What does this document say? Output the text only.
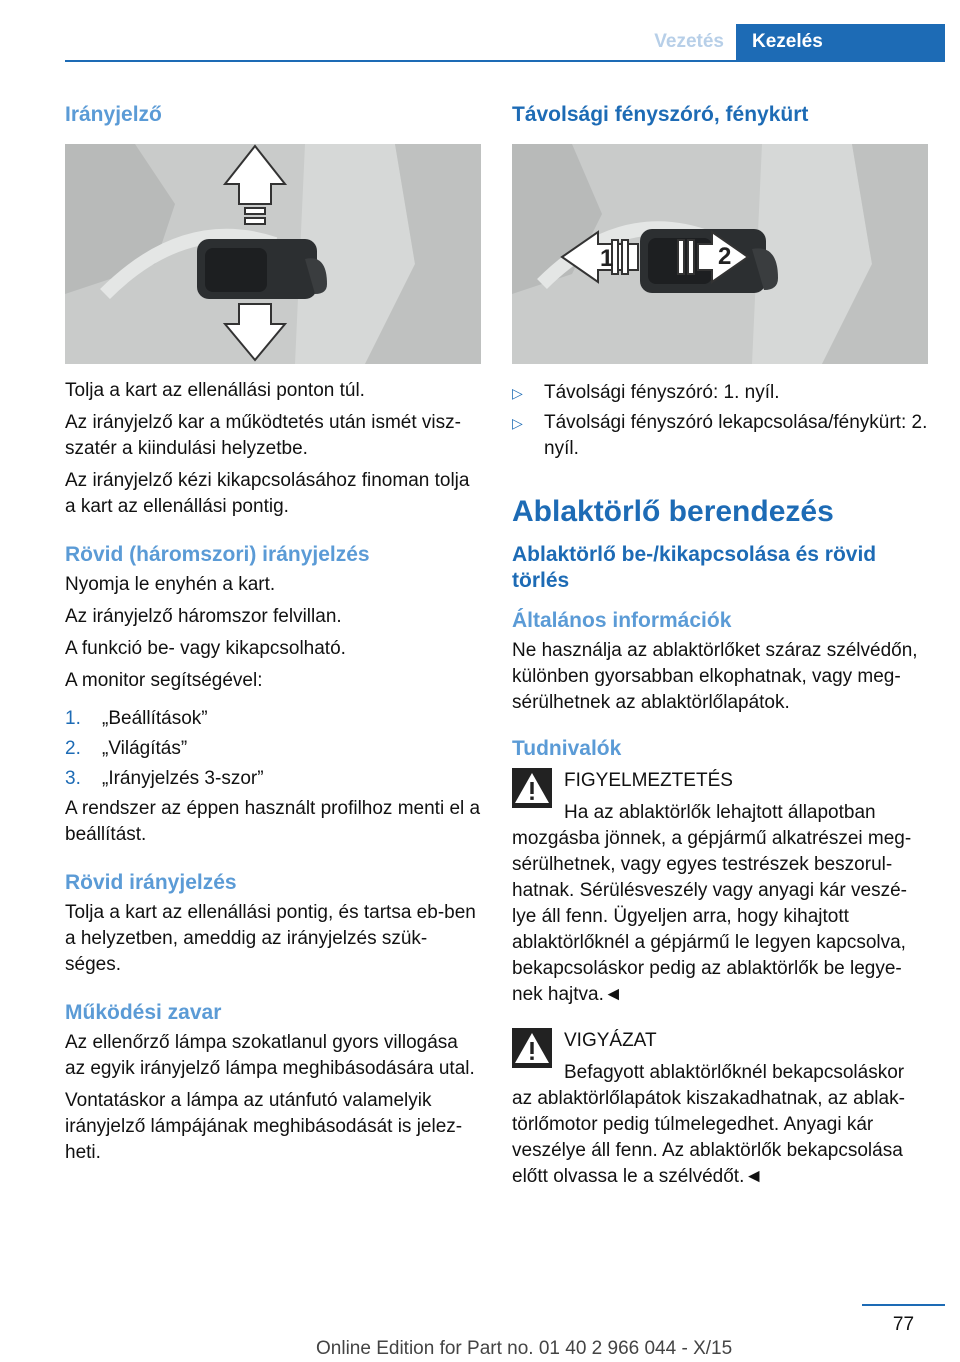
Vezetés	Kezelés
Irányjelző

Tolja a kart az ellenállási ponton túl.

Az irányjelző kar a működtetés után ismét visz-szatér a kiindulási helyzetbe.

Az irányjelző kézi kikapcsolásához finoman tolja a kart az ellenállási pontig.

Rövid (háromszori) irányjelzés

Nyomja le enyhén a kart.

Az irányjelző háromszor felvillan.

A funkció be- vagy kikapcsolható.

A monitor segítségével:

1. „Beállítások”
2. „Világítás”
3. „Irányjelzés 3-szor”

A rendszer az éppen használt profilhoz menti el a beállítást.

Rövid irányjelzés

Tolja a kart az ellenállási pontig, és tartsa eb-ben a helyzetben, ameddig az irányjelzés szük-séges.

Működési zavar

Az ellenőrző lámpa szokatlanul gyors villogása az egyik irányjelző lámpa meghibásodására utal.

Vontatáskor a lámpa az utánfutó valamelyik irányjelző lámpájának meghibásodását is jelez-heti.

Távolsági fényszóró, fénykürt
1	2
▷ Távolsági fényszóró: 1. nyíl.
▷ Távolsági fényszóró lekapcsolása/fénykürt: 2. nyíl.
Ablaktörlő berendezés
Ablaktörlő be-/kikapcsolása és rövid törlés
Általános információk

Ne használja az ablaktörlőket száraz szélvédőn, különben gyorsabban elkophatnak, vagy meg-sérülhetnek az ablaktörlőlapátok.

Tudnivalók

FIGYELMEZTETÉS

Ha az ablaktörlők lehajtott állapotban

mozgásba jönnek, a gépjármű alkatrészei meg-sérülhetnek, vagy egyes testrészek beszorul-hatnak. Sérülésveszély vagy anyagi kár veszé-lye áll fenn. Ügyeljen arra, hogy kihajtott ablaktörlőknél a gépjármű le legyen kapcsolva, bekapcsoláskor pedig az ablaktörlők be legye-nek hajtva.◄

VIGYÁZAT

Befagyott ablaktörlőknél bekapcsoláskor

az ablaktörlőlapátok kiszakadhatnak, az ablak-törlőmotor pedig túlmelegedhet. Anyagi kár veszélye áll fenn. Az ablaktörlők bekapcsolása előtt olvassa le a szélvédőt.◄

77
Online Edition for Part no. 01 40 2 966 044 - X/15
